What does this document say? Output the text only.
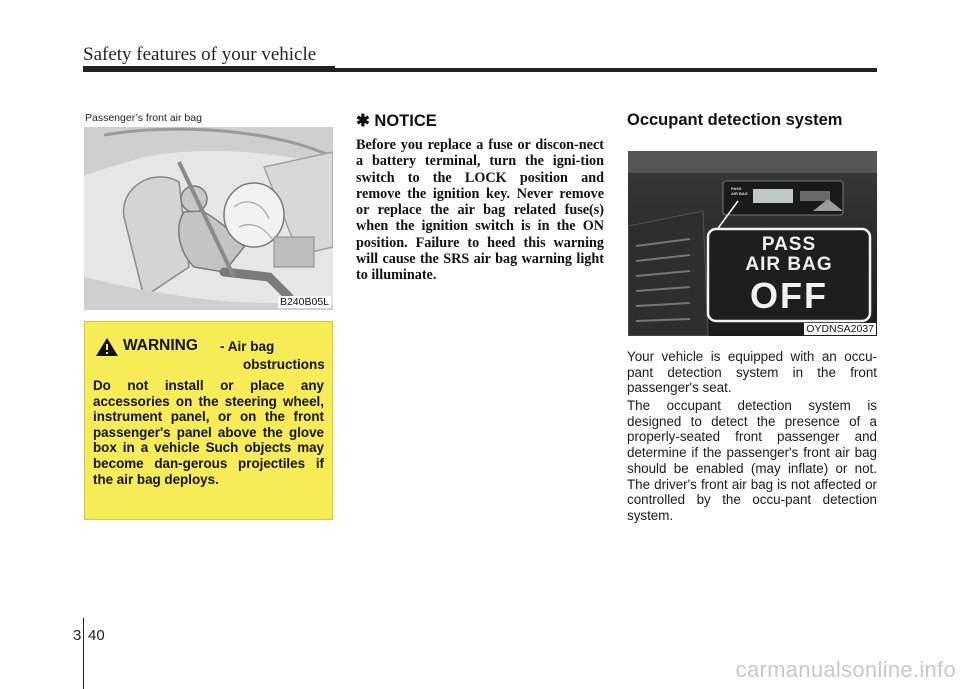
Safety features of your vehicle
Passenger’s front air bag
B240B05L
WARNING - Air bag
obstructions
Do not install or place any accessories on the steering wheel, instrument panel, or on the front passenger's panel above the glove box in a vehicle Such objects may become dan-gerous projectiles if the air bag deploys.
✱ NOTICE
Before you replace a fuse or discon-nect a battery terminal, turn the igni-tion switch to the LOCK position and remove the ignition key. Never remove or replace the air bag related fuse(s) when the ignition switch is in the ON position. Failure to heed this warning will cause the SRS air bag warning light to illuminate.
Occupant detection system
PASS
AIR BAG
PASS
AIR BAG
OFF
OYDNSA2037
Your vehicle is equipped with an occu-pant detection system in the front passenger's seat.
The occupant detection system is designed to detect the presence of a properly-seated front passenger and determine if the passenger's front air bag should be enabled (may inflate) or not. The driver's front air bag is not affected or controlled by the occu-pant detection system.
3 40
carmanualsonline.info
